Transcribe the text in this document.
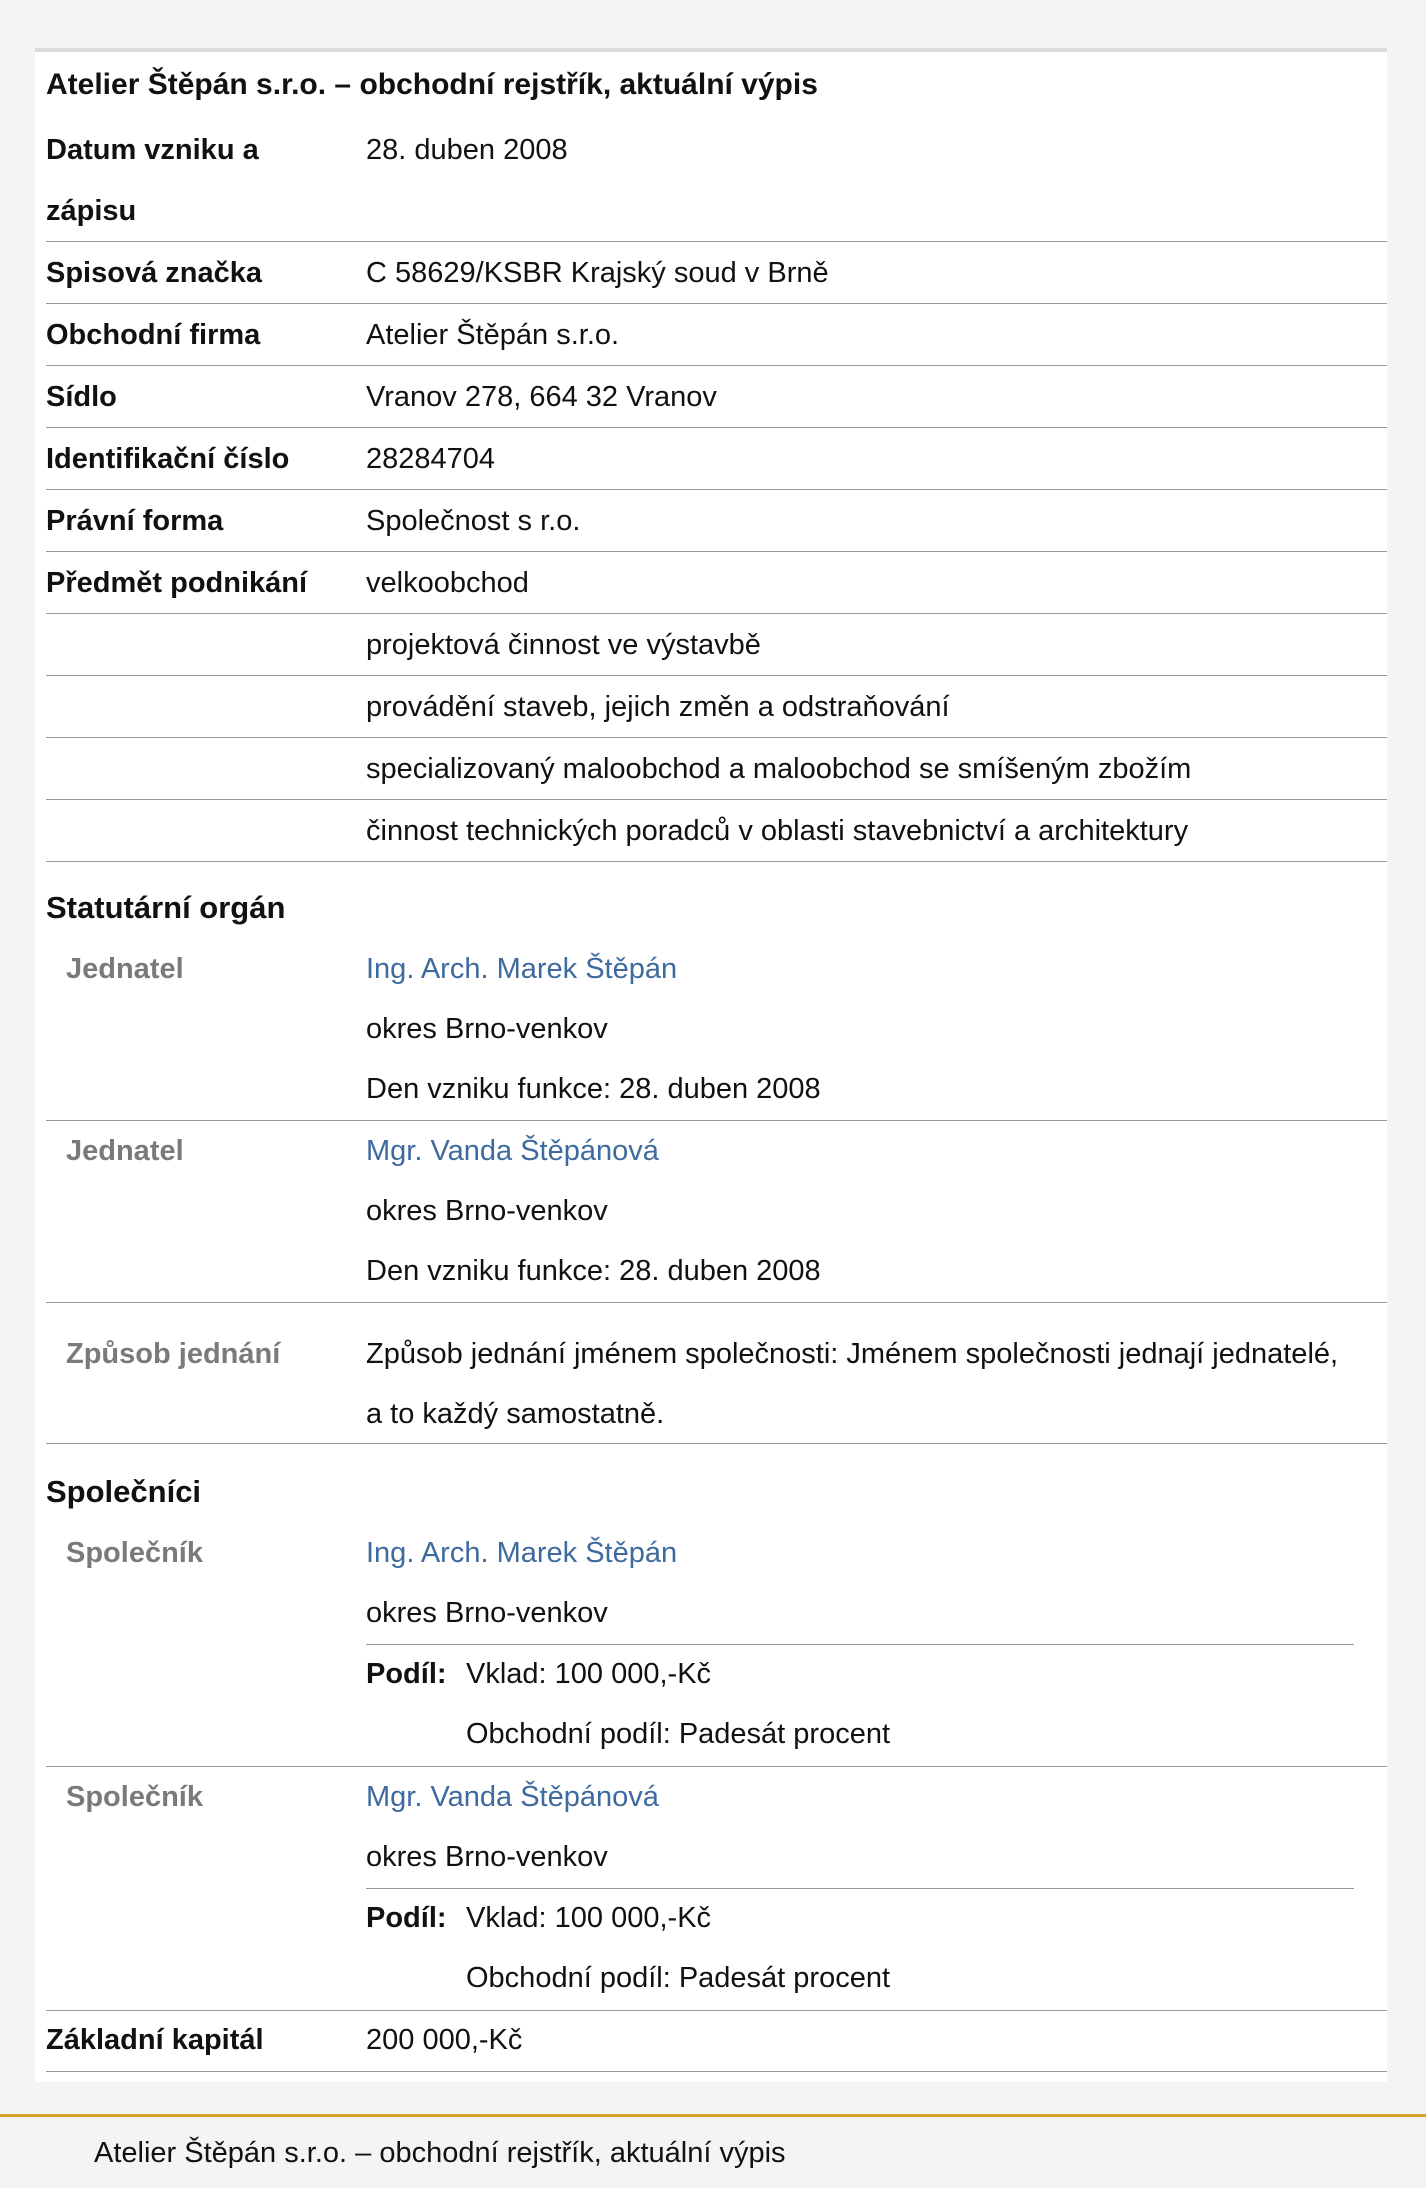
Atelier Štěpán s.r.o. – obchodní rejstřík, aktuální výpis
Datum vzniku a
zápisu
28. duben 2008
Spisová značka	C 58629/KSBR Krajský soud v Brně
Obchodní firma	Atelier Štěpán s.r.o.
Sídlo	Vranov 278, 664 32 Vranov
Identifikační číslo	28284704
Právní forma	Společnost s r.o.
Předmět podnikání velkoobchod
projektová činnost ve výstavbě
provádění staveb, jejich změn a odstraňování
specializovaný maloobchod a maloobchod se smíšeným zbožím
činnost technických poradců v oblasti stavebnictví a architektury
Statutární orgán
Jednatel	Ing. Arch. Marek Štěpán
okres Brno-venkov
Den vzniku funkce: 28. duben 2008
Jednatel	Mgr. Vanda Štěpánová
okres Brno-venkov
Den vzniku funkce: 28. duben 2008
Způsob jednání	Způsob jednání jménem společnosti: Jménem společnosti jednají jednatelé,
a to každý samostatně.
Společníci
Společník	Ing. Arch. Marek Štěpán
okres Brno-venkov
Podíl: Vklad: 100 000,-Kč
Obchodní podíl: Padesát procent
Společník	Mgr. Vanda Štěpánová
okres Brno-venkov
Podíl: Vklad: 100 000,-Kč
Obchodní podíl: Padesát procent
Základní kapitál	200 000,-Kč
Atelier Štěpán s.r.o. – obchodní rejstřík, aktuální výpis
